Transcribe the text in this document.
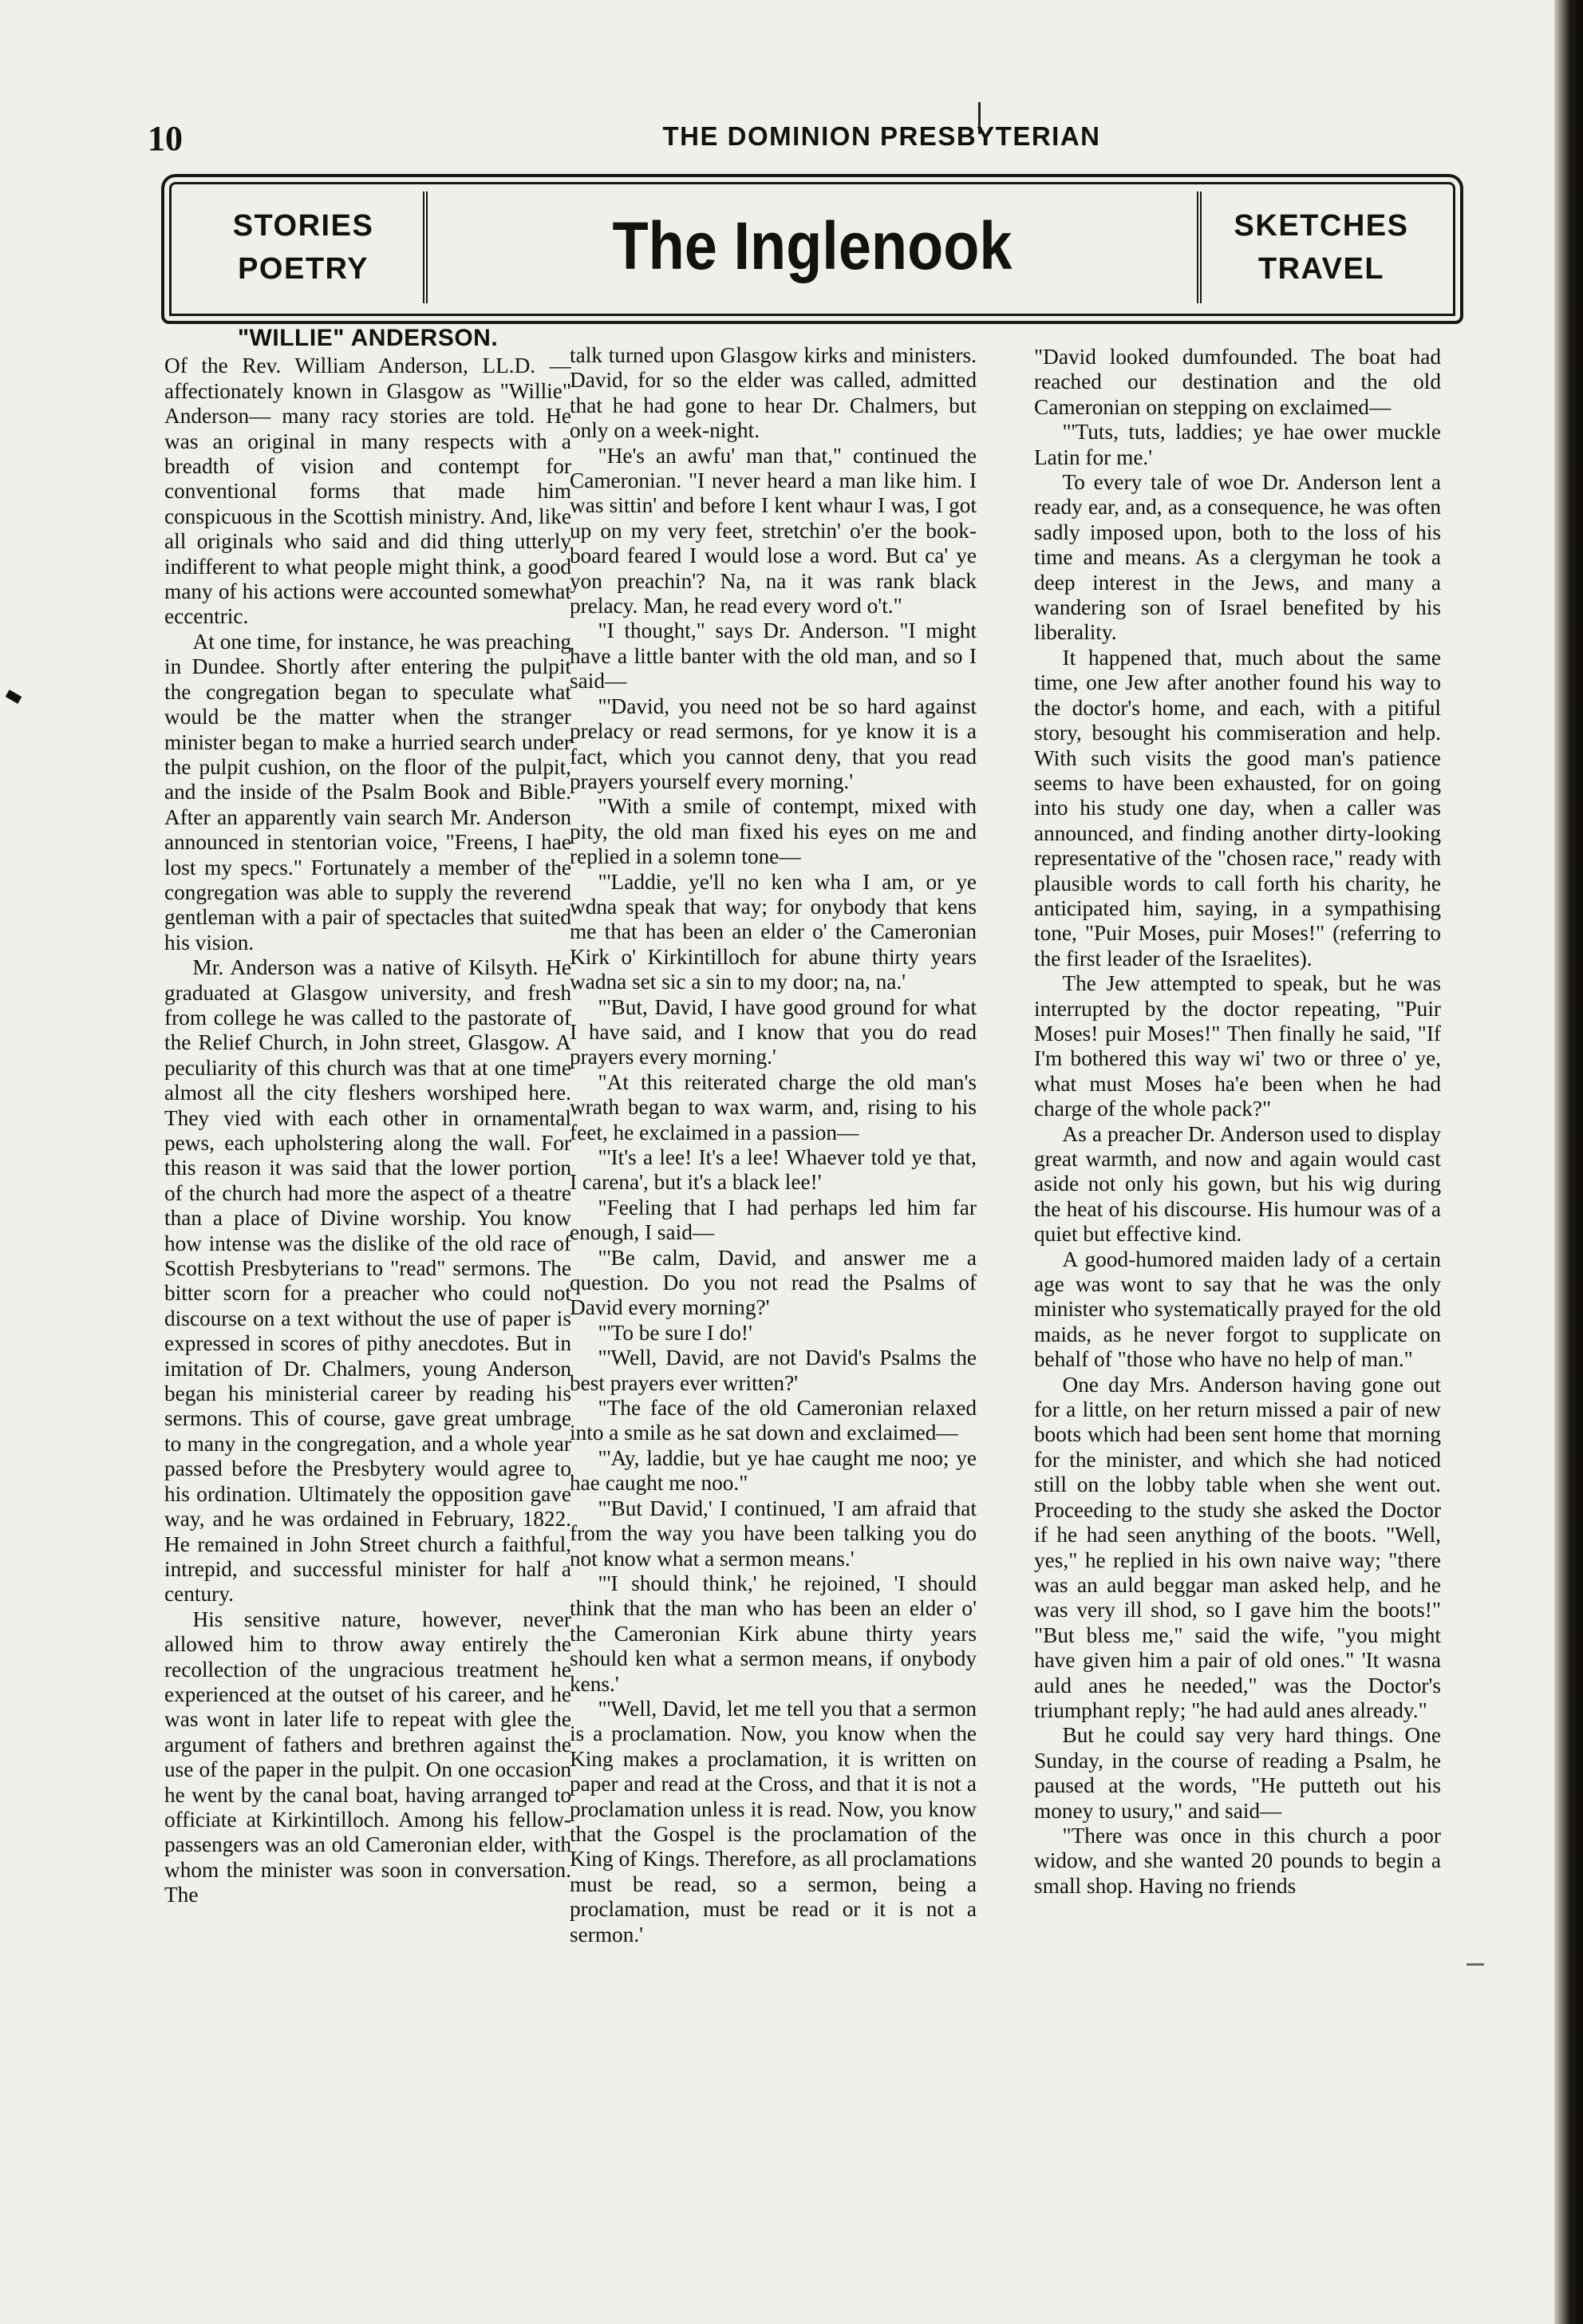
10	THE DOMINION PRESBYTERIAN
STORIES
POETRY	The Inglenook	SKETCHES
TRAVEL
"WILLIE" ANDERSON.

Of the Rev. William Anderson, LL.D. — affectionately known in Glasgow as "Willie" Anderson— many racy stories are told. He was an original in many respects with a breadth of vision and contempt for conventional forms that made him conspicuous in the Scottish ministry. And, like all originals who said and did thing utterly indifferent to what people might think, a good many of his actions were accounted somewhat eccentric.

At one time, for instance, he was preaching in Dundee. Shortly after entering the pulpit the congregation began to speculate what would be the matter when the stranger minister began to make a hurried search under the pulpit cushion, on the floor of the pulpit, and the inside of the Psalm Book and Bible. After an apparently vain search Mr. Anderson announced in stentorian voice, "Freens, I hae lost my specs." Fortunately a member of the congregation was able to supply the reverend gentleman with a pair of spectacles that suited his vision.

Mr. Anderson was a native of Kilsyth. He graduated at Glasgow university, and fresh from college he was called to the pastorate of the Relief Church, in John street, Glasgow. A peculiarity of this church was that at one time almost all the city fleshers worshiped here. They vied with each other in ornamental pews, each upholstering along the wall. For this reason it was said that the lower portion of the church had more the aspect of a theatre than a place of Divine worship. You know how intense was the dislike of the old race of Scottish Presbyterians to "read" sermons. The bitter scorn for a preacher who could not discourse on a text without the use of paper is expressed in scores of pithy anecdotes. But in imitation of Dr. Chalmers, young Anderson began his ministerial career by reading his sermons. This of course, gave great umbrage to many in the congregation, and a whole year passed before the Presbytery would agree to his ordination. Ultimately the opposition gave way, and he was ordained in February, 1822. He remained in John Street church a faithful, intrepid, and successful minister for half a century.

His sensitive nature, however, never allowed him to throw away entirely the recollection of the ungracious treatment he experienced at the outset of his career, and he was wont in later life to repeat with glee the argument of fathers and brethren against the use of the paper in the pulpit. On one occasion he went by the canal boat, having arranged to officiate at Kirkintilloch. Among his fellow-passengers was an old Cameronian elder, with whom the minister was soon in conversation. The

talk turned upon Glasgow kirks and ministers. David, for so the elder was called, admitted that he had gone to hear Dr. Chalmers, but only on a week-night.

"He's an awfu' man that," continued the Cameronian. "I never heard a man like him. I was sittin' and before I kent whaur I was, I got up on my very feet, stretchin' o'er the book-board feared I would lose a word. But ca' ye yon preachin'? Na, na it was rank black prelacy. Man, he read every word o't."

"I thought," says Dr. Anderson. "I might have a little banter with the old man, and so I said—

"'David, you need not be so hard against prelacy or read sermons, for ye know it is a fact, which you cannot deny, that you read prayers yourself every morning.'

"With a smile of contempt, mixed with pity, the old man fixed his eyes on me and replied in a solemn tone—

"'Laddie, ye'll no ken wha I am, or ye wdna speak that way; for onybody that kens me that has been an elder o' the Cameronian Kirk o' Kirkintilloch for abune thirty years wadna set sic a sin to my door; na, na.'

"'But, David, I have good ground for what I have said, and I know that you do read prayers every morning.'

"At this reiterated charge the old man's wrath began to wax warm, and, rising to his feet, he exclaimed in a passion—

"'It's a lee! It's a lee! Whaever told ye that, I carena', but it's a black lee!'

"Feeling that I had perhaps led him far enough, I said—

"'Be calm, David, and answer me a question. Do you not read the Psalms of David every morning?'

"'To be sure I do!'

"'Well, David, are not David's Psalms the best prayers ever written?'

"The face of the old Cameronian relaxed into a smile as he sat down and exclaimed—

"'Ay, laddie, but ye hae caught me noo; ye hae caught me noo."

"'But David,' I continued, 'I am afraid that from the way you have been talking you do not know what a sermon means.'

"'I should think,' he rejoined, 'I should think that the man who has been an elder o' the Cameronian Kirk abune thirty years should ken what a sermon means, if onybody kens.'

"'Well, David, let me tell you that a sermon is a proclamation. Now, you know when the King makes a proclamation, it is written on paper and read at the Cross, and that it is not a proclamation unless it is read. Now, you know that the Gospel is the proclamation of the King of Kings. Therefore, as all proclamations must be read, so a sermon, being a proclamation, must be read or it is not a sermon.'

"David looked dumfounded. The boat had reached our destination and the old Cameronian on stepping on exclaimed—

"'Tuts, tuts, laddies; ye hae ower muckle Latin for me.'

To every tale of woe Dr. Anderson lent a ready ear, and, as a consequence, he was often sadly imposed upon, both to the loss of his time and means. As a clergyman he took a deep interest in the Jews, and many a wandering son of Israel benefited by his liberality.

It happened that, much about the same time, one Jew after another found his way to the doctor's home, and each, with a pitiful story, besought his commiseration and help. With such visits the good man's patience seems to have been exhausted, for on going into his study one day, when a caller was announced, and finding another dirty-looking representative of the "chosen race," ready with plausible words to call forth his charity, he anticipated him, saying, in a sympathising tone, "Puir Moses, puir Moses!" (referring to the first leader of the Israelites).

The Jew attempted to speak, but he was interrupted by the doctor repeating, "Puir Moses! puir Moses!" Then finally he said, "If I'm bothered this way wi' two or three o' ye, what must Moses ha'e been when he had charge of the whole pack?"

As a preacher Dr. Anderson used to display great warmth, and now and again would cast aside not only his gown, but his wig during the heat of his discourse. His humour was of a quiet but effective kind.

A good-humored maiden lady of a certain age was wont to say that he was the only minister who systematically prayed for the old maids, as he never forgot to supplicate on behalf of "those who have no help of man."

One day Mrs. Anderson having gone out for a little, on her return missed a pair of new boots which had been sent home that morning for the minister, and which she had noticed still on the lobby table when she went out. Proceeding to the study she asked the Doctor if he had seen anything of the boots. "Well, yes," he replied in his own naive way; "there was an auld beggar man asked help, and he was very ill shod, so I gave him the boots!" "But bless me," said the wife, "you might have given him a pair of old ones." 'It wasna auld anes he needed," was the Doctor's triumphant reply; "he had auld anes already."

But he could say very hard things. One Sunday, in the course of reading a Psalm, he paused at the words, "He putteth out his money to usury," and said—

"There was once in this church a poor widow, and she wanted 20 pounds to begin a small shop. Having no friends
